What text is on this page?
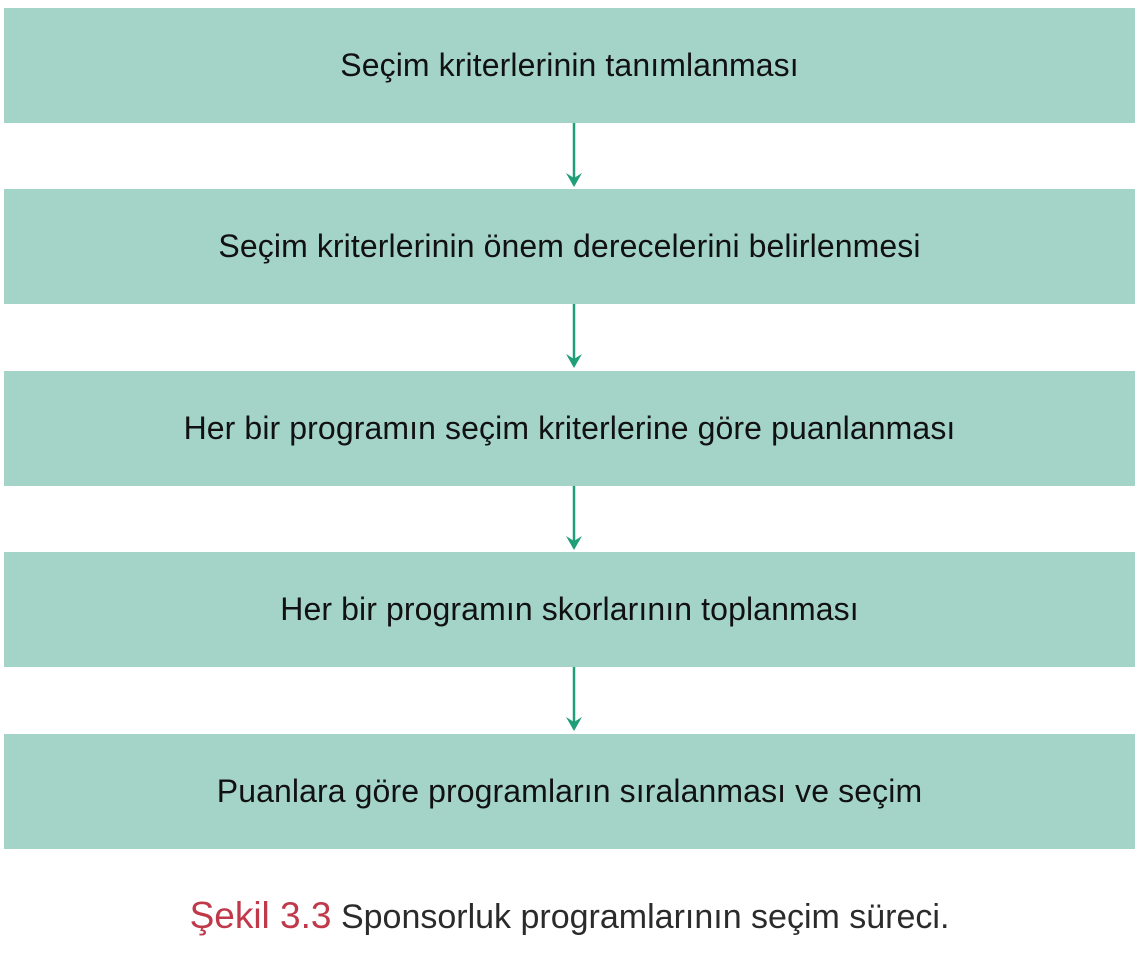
Seçim kriterlerinin tanımlanması
Seçim kriterlerinin önem derecelerini belirlenmesi
Her bir programın seçim kriterlerine göre puanlanması
Her bir programın skorlarının toplanması
Puanlara göre programların sıralanması ve seçim
Şekil 3.3 Sponsorluk programlarının seçim süreci.
